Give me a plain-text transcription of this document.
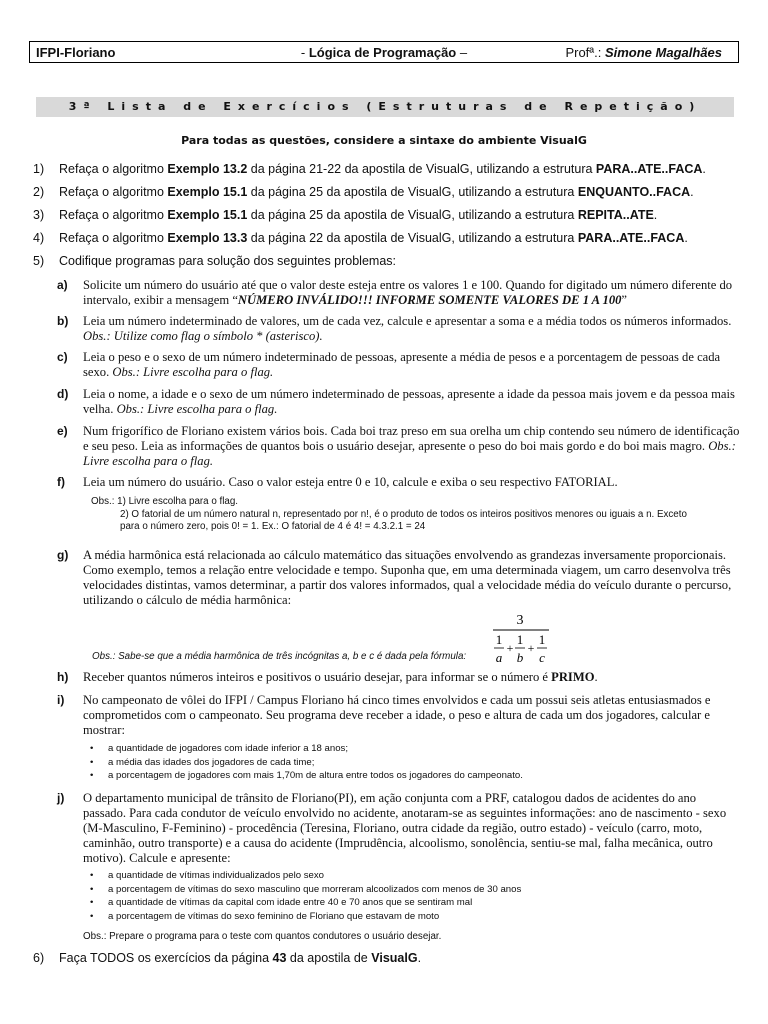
IFPI-Floriano	- Lógica de Programação –	Profª.: Simone Magalhães
3ª Lista de Exercícios (Estruturas de Repetição)
Para todas as questões, considere a sintaxe do ambiente VisualG
1) Refaça o algoritmo Exemplo 13.2 da página 21-22 da apostila de VisualG, utilizando a estrutura PARA..ATE..FACA.
2) Refaça o algoritmo Exemplo 15.1 da página 25 da apostila de VisualG, utilizando a estrutura ENQUANTO..FACA.
3) Refaça o algoritmo Exemplo 15.1 da página 25 da apostila de VisualG, utilizando a estrutura REPITA..ATE.
4) Refaça o algoritmo Exemplo 13.3 da página 22 da apostila de VisualG, utilizando a estrutura PARA..ATE..FACA.
5) Codifique programas para solução dos seguintes problemas:
a) Solicite um número do usuário até que o valor deste esteja entre os valores 1 e 100. Quando for digitado um número diferente do intervalo, exibir a mensagem “NÚMERO INVÁLIDO!!! INFORME SOMENTE VALORES DE 1 A 100”
b) Leia um número indeterminado de valores, um de cada vez, calcule e apresentar a soma e a média todos os números informados.
Obs.: Utilize como flag o símbolo * (asterisco).
c) Leia o peso e o sexo de um número indeterminado de pessoas, apresente a média de pesos e a porcentagem de pessoas de cada sexo. Obs.: Livre escolha para o flag.
d) Leia o nome, a idade e o sexo de um número indeterminado de pessoas, apresente a idade da pessoa mais jovem e da pessoa mais velha. Obs.: Livre escolha para o flag.
e) Num frigorífico de Floriano existem vários bois. Cada boi traz preso em sua orelha um chip contendo seu número de identificação e seu peso. Leia as informações de quantos bois o usuário desejar, apresente o peso do boi mais gordo e do boi mais magro. Obs.: Livre escolha para o flag.
f) Leia um número do usuário. Caso o valor esteja entre 0 e 10, calcule e exiba o seu respectivo FATORIAL.
Obs.: 1) Livre escolha para o flag.
2) O fatorial de um número natural n, representado por n!, é o produto de todos os inteiros positivos menores ou iguais a n. Exceto
para o número zero, pois 0! = 1. Ex.: O fatorial de 4 é 4! = 4.3.2.1 = 24
g) A média harmônica está relacionada ao cálculo matemático das situações envolvendo as grandezas inversamente proporcionais. Como exemplo, temos a relação entre velocidade e tempo. Suponha que, em uma determinada viagem, um carro desenvolva três velocidades distintas, vamos determinar, a partir dos valores informados, qual a velocidade média do veículo durante o percurso, utilizando o cálculo de média harmônica:
Obs.: Sabe-se que a média harmônica de três incógnitas a, b e c é dada pela fórmula:
3
1
a
+
1
b
+
1
c
h) Receber quantos números inteiros e positivos o usuário desejar, para informar se o número é PRIMO.
i) No campeonato de vôlei do IFPI / Campus Floriano há cinco times envolvidos e cada um possui seis atletas entusiasmados e comprometidos com o campeonato. Seu programa deve receber a idade, o peso e altura de cada um dos jogadores, calcular e mostrar:
•	a quantidade de jogadores com idade inferior a 18 anos;
•	a média das idades dos jogadores de cada time;
•	a porcentagem de jogadores com mais 1,70m de altura entre todos os jogadores do campeonato.
j) O departamento municipal de trânsito de Floriano(PI), em ação conjunta com a PRF, catalogou dados de acidentes do ano passado. Para cada condutor de veículo envolvido no acidente, anotaram-se as seguintes informações: ano de nascimento - sexo (M-Masculino, F-Feminino) - procedência (Teresina, Floriano, outra cidade da região, outro estado) - veículo (carro, moto, caminhão, outro transporte) e a causa do acidente (Imprudência, alcoolismo, sonolência, sentiu-se mal, falha mecânica, outro motivo). Calcule e apresente:
•	a quantidade de vítimas individualizados pelo sexo
•	a porcentagem de vítimas do sexo masculino que morreram alcoolizados com menos de 30 anos
•	a quantidade de vítimas da capital com idade entre 40 e 70 anos que se sentiram mal
•	a porcentagem de vítimas do sexo feminino de Floriano que estavam de moto
Obs.: Prepare o programa para o teste com quantos condutores o usuário desejar.
6) Faça TODOS os exercícios da página 43 da apostila de VisualG.
